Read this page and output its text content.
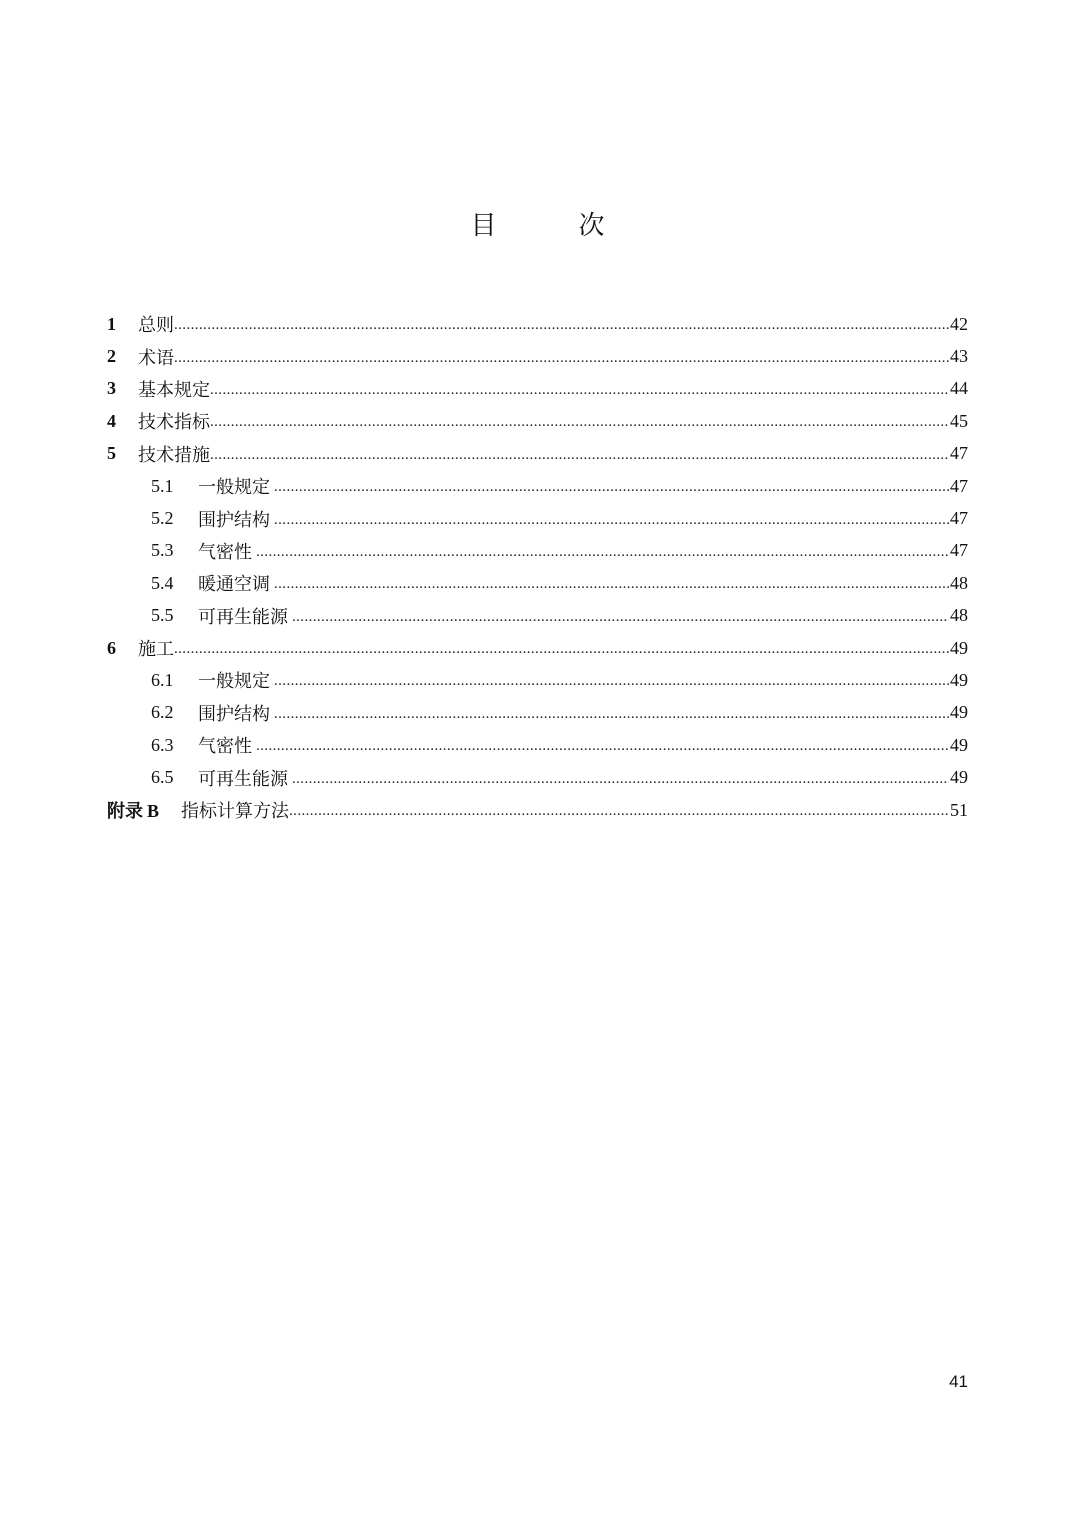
目　次
1	总则 .....	42
2	术语 .....	43
3	基本规定 .....	44
4	技术指标 .....	45
5	技术措施 .....	47
5.1	一般规定 .....	47
5.2	围护结构 .....	47
5.3	气密性 .....	47
5.4	暖通空调 .....	48
5.5	可再生能源 .....	48
6	施工 .....	49
6.1	一般规定 .....	49
6.2	围护结构 .....	49
6.3	气密性 .....	49
6.5	可再生能源 .....	49
附录 B	指标计算方法 .....	51
41
